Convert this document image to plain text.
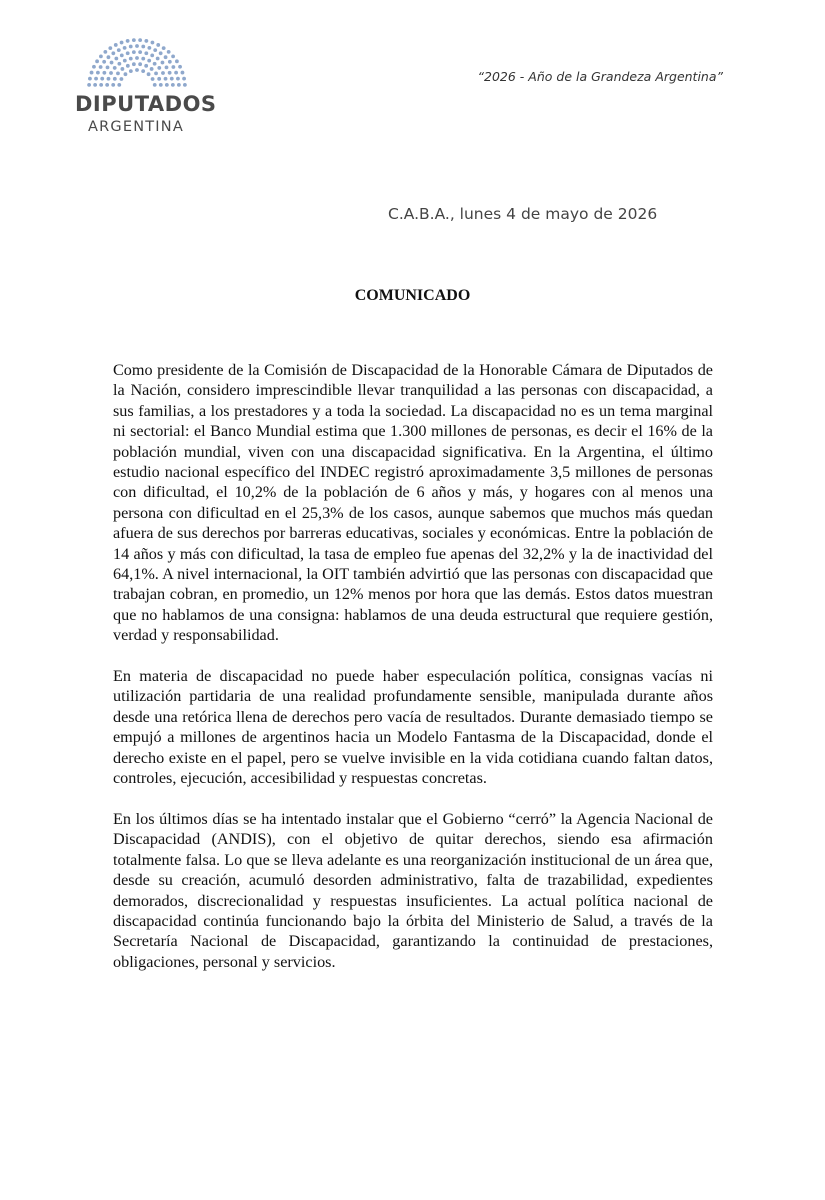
DIPUTADOS
ARGENTINA
“2026 - Año de la Grandeza Argentina”
C.A.B.A., lunes 4 de mayo de 2026
COMUNICADO

Como presidente de la Comisión de Discapacidad de la Honorable Cámara de Diputados de la Nación, considero imprescindible llevar tranquilidad a las personas con discapacidad, a sus familias, a los prestadores y a toda la sociedad. La discapacidad no es un tema marginal ni sectorial: el Banco Mundial estima que 1.300 millones de personas, es decir el 16% de la población mundial, viven con una discapacidad significativa. En la Argentina, el último estudio nacional específico del INDEC registró aproximadamente 3,5 millones de personas con dificultad, el 10,2% de la población de 6 años y más, y hogares con al menos una persona con dificultad en el 25,3% de los casos, aunque sabemos que muchos más quedan afuera de sus derechos por barreras educativas, sociales y económicas. Entre la población de 14 años y más con dificultad, la tasa de empleo fue apenas del 32,2% y la de inactividad del 64,1%. A nivel internacional, la OIT también advirtió que las personas con discapacidad que trabajan cobran, en promedio, un 12% menos por hora que las demás. Estos datos muestran que no hablamos de una consigna: hablamos de una deuda estructural que requiere gestión, verdad y responsabilidad.

En materia de discapacidad no puede haber especulación política, consignas vacías ni utilización partidaria de una realidad profundamente sensible, manipulada durante años desde una retórica llena de derechos pero vacía de resultados. Durante demasiado tiempo se empujó a millones de argentinos hacia un Modelo Fantasma de la Discapacidad, donde el derecho existe en el papel, pero se vuelve invisible en la vida cotidiana cuando faltan datos, controles, ejecución, accesibilidad y respuestas concretas.

En los últimos días se ha intentado instalar que el Gobierno “cerró” la Agencia Nacional de Discapacidad (ANDIS), con el objetivo de quitar derechos, siendo esa afirmación totalmente falsa. Lo que se lleva adelante es una reorganización institucional de un área que, desde su creación, acumuló desorden administrativo, falta de trazabilidad, expedientes demorados, discrecionalidad y respuestas insuficientes. La actual política nacional de discapacidad continúa funcionando bajo la órbita del Ministerio de Salud, a través de la Secretaría Nacional de Discapacidad, garantizando la continuidad de prestaciones, obligaciones, personal y servicios.
